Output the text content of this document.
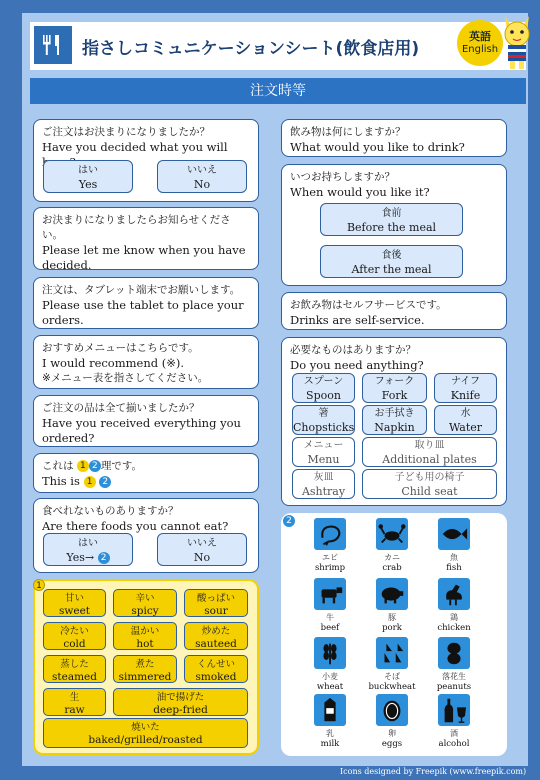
指さしコミュニケーションシート(飲食店用)
英語
English
注文時等
ご注文はお決まりになりましたか？
Have you decided what you will
はい
Yes
いいえ
No
お決まりになりましたらお知らせください。
Please let me know when you have decided.
注文は、タブレット端末でお願いします。
Please use the tablet to place your orders.
おすすめメニューはこちらです。
I would recommend (※).
※メニュー表を指さしてください。
ご注文の品は全て揃いましたか？
Have you received everything you ordered?
これは 1 2 理です。
This is 1 2
食べれないものありますか？
Are there foods you cannot eat?
はい
Yes→ 2
いいえ
No
飲み物は何にしますか？
What would you like to drink?
いつお持ちしますか？
When would you like it?
食前
Before the meal
食後
After the meal
お飲み物はセルフサービスです。
Drinks are self-service.
必要なものはありますか？
Do you need anything?
スプーン
Spoon
フォーク
Fork
ナイフ
Knife
箸
Chopsticks
お手拭き
Napkin
水
Water
メニュー
Menu
取り皿
Additional plates
灰皿
Ashtray
子ども用の椅子
Child seat
1
甘い
sweet
辛い
spicy
酸っぱい
sour
冷たい
cold
温かい
hot
炒めた
sauteed
蒸した
steamed
煮た
simmered
くんせい
smoked
生
raw
油で揚げた
deep-fried
焼いた
baked/grilled/roasted
2
エビ
shrimp
カニ
crab
魚
fish
牛
beef
豚
pork
鶏
chicken
小麦
wheat
そば
buckwheat
落花生
peanuts
乳
milk
卵
eggs
酒
alcohol
Icons designed by Freepik (www.freepik.com)
